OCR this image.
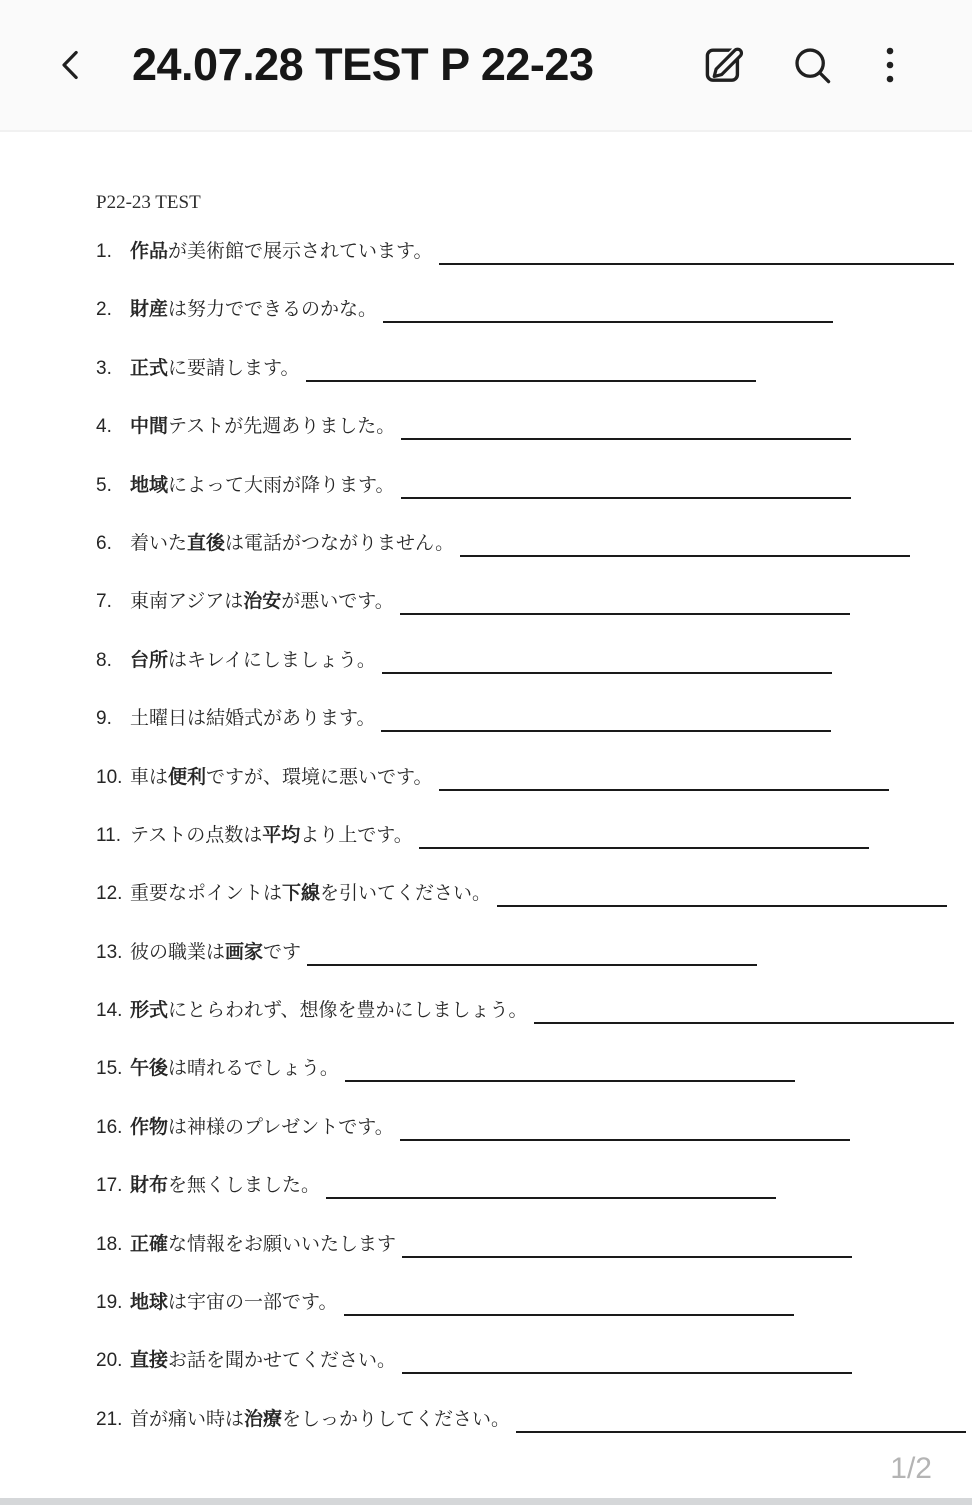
24.07.28 TEST P 22-23
P22-23 TEST
1. 作品が美術館で展示されています。
2. 財産は努力でできるのかな。
3. 正式に要請します。
4. 中間テストが先週ありました。
5. 地域によって大雨が降ります。
6. 着いた直後は電話がつながりません。
7. 東南アジアは治安が悪いです。
8. 台所はキレイにしましょう。
9. 土曜日は結婚式があります。
10. 車は便利ですが、環境に悪いです。
11. テストの点数は平均より上です。
12. 重要なポイントは下線を引いてください。
13. 彼の職業は画家です
14. 形式にとらわれず、想像を豊かにしましょう。
15. 午後は晴れるでしょう。
16. 作物は神様のプレゼントです。
17. 財布を無くしました。
18. 正確な情報をお願いいたします
19. 地球は宇宙の一部です。
20. 直接お話を聞かせてください。
21. 首が痛い時は治療をしっかりしてください。
1/2
